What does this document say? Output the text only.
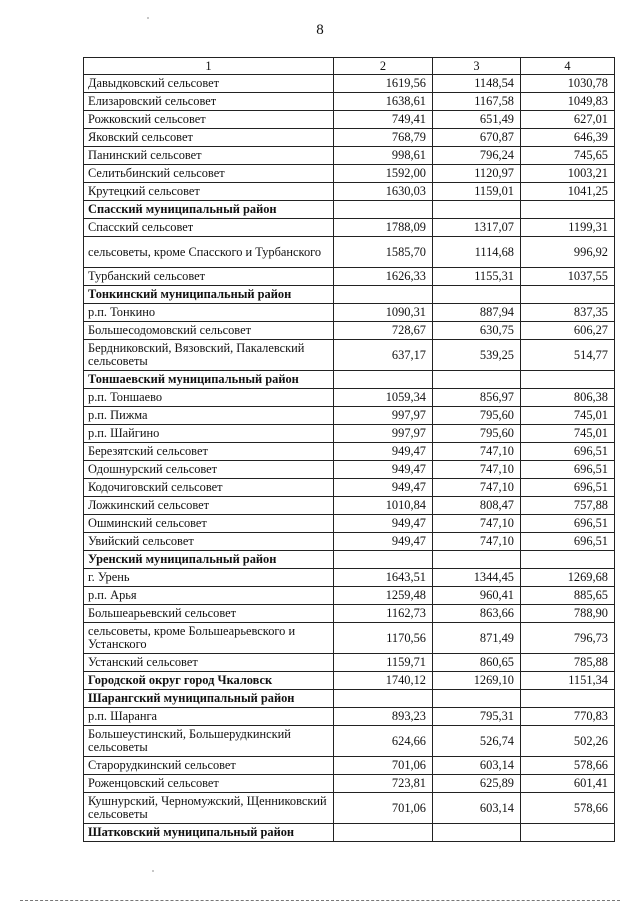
8
1	2	3	4
Давыдковский сельсовет	1619,56	1148,54	1030,78
Елизаровский сельсовет	1638,61	1167,58	1049,83
Рожковский сельсовет	749,41	651,49	627,01
Яковский сельсовет	768,79	670,87	646,39
Панинский сельсовет	998,61	796,24	745,65
Селитьбинский сельсовет	1592,00	1120,97	1003,21
Крутецкий сельсовет	1630,03	1159,01	1041,25
Спасский муниципальный район			
Спасский сельсовет	1788,09	1317,07	1199,31
сельсоветы, кроме Спасского и Турбанского	1585,70	1114,68	996,92
Турбанский сельсовет	1626,33	1155,31	1037,55
Тонкинский муниципальный район			
р.п. Тонкино	1090,31	887,94	837,35
Большесодомовский сельсовет	728,67	630,75	606,27
Бердниковский, Вязовский, Пакалевский сельсоветы	637,17	539,25	514,77
Тоншаевский муниципальный район			
р.п. Тоншаево	1059,34	856,97	806,38
р.п. Пижма	997,97	795,60	745,01
р.п. Шайгино	997,97	795,60	745,01
Березятский сельсовет	949,47	747,10	696,51
Одошнурский сельсовет	949,47	747,10	696,51
Кодочиговский сельсовет	949,47	747,10	696,51
Ложкинский сельсовет	1010,84	808,47	757,88
Ошминский сельсовет	949,47	747,10	696,51
Увийский сельсовет	949,47	747,10	696,51
Уренский муниципальный район			
г. Урень	1643,51	1344,45	1269,68
р.п. Арья	1259,48	960,41	885,65
Большеарьевский сельсовет	1162,73	863,66	788,90
сельсоветы, кроме Большеарьевского и Устанского	1170,56	871,49	796,73
Устанский сельсовет	1159,71	860,65	785,88
Городской округ город Чкаловск	1740,12	1269,10	1151,34
Шарангский муниципальный район			
р.п. Шаранга	893,23	795,31	770,83
Большеустинский, Большерудкинский сельсоветы	624,66	526,74	502,26
Старорудкинский сельсовет	701,06	603,14	578,66
Роженцовский сельсовет	723,81	625,89	601,41
Кушнурский, Черномужский, Щенниковский сельсоветы	701,06	603,14	578,66
Шатковский муниципальный район			
